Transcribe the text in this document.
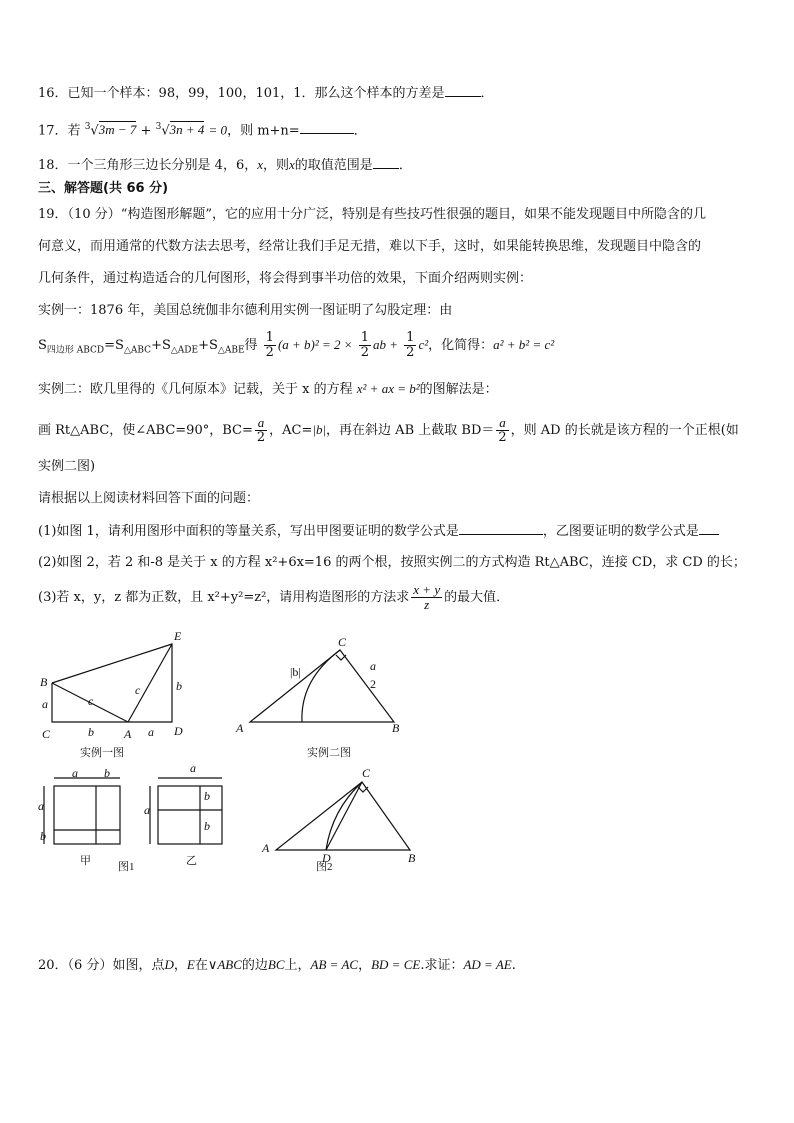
16．已知一个样本：98，99，100，101，1．那么这个样本的方差是	．
17．若 $^3$√3m − 7 + $^3$√3n + 4 = 0，则 m+n=	．
18．一个三角形三边长分别是 4，6，x，则x的取值范围是 ．
三、解答题(共 66 分)
19．（10 分）“构造图形解题”，它的应用十分广泛，特别是有些技巧性很强的题目，如果不能发现题目中所隐含的几
何意义，而用通常的代数方法去思考，经常让我们手足无措，难以下手，这时，如果能转换思维，发现题目中隐含的
几何条件，通过构造适合的几何图形，将会得到事半功倍的效果，下面介绍两则实例：
实例一：1876 年，美国总统伽非尔德利用实例一图证明了勾股定理：由
$S_{四边形 ABCD}=S_{\triangle ABC}+S_{\triangle ADE}+S_{\triangle ABE}$得 $\frac{1}{2} (a + b)^2 = 2 \times \frac{1}{2}$ ab + $\frac{1}{2} c^2$，化简得：a² + b² = c²
实例二：欧几里得的《几何原本》记载，关于 x 的方程 x² + ax = b²的图解法是：
画 Rt△ABC，使∠ABC=90°，$BC= \frac{a}{2}$ ，AC=|b|，再在斜边 AB 上截取 $BD= \frac{a}{2}$ ，则 AD 的长就是该方程的一个正根(如
实例二图)
请根据以上阅读材料回答下面的问题：
(1)如图 1，请利用图形中面积的等量关系，写出甲图要证明的数学公式是	，乙图要证明的数学公式是
(2)如图 2，若 2 和-8 是关于 x 的方程 x²+6x=16 的两个根，按照实例二的方式构造 Rt△ABC，连接 CD，求 CD 的长；
(3)若 x，y，z 都为正数，且 x²+y²=z²，请用构造图形的方法求 $\frac{x + y}{z}$ 的最大值．
B
C	A	D
E
a	c
c	b
b	a
C
A	B
|b|	a
2
a b
a
b
a
b
a
b
C
A
D	B
实例一图	实例二图
甲 图1	乙	图2
20．（6 分）如图，点D，E在∨ABC的边BC上，AB = AC，BD = CE.求证：AD = AE.
